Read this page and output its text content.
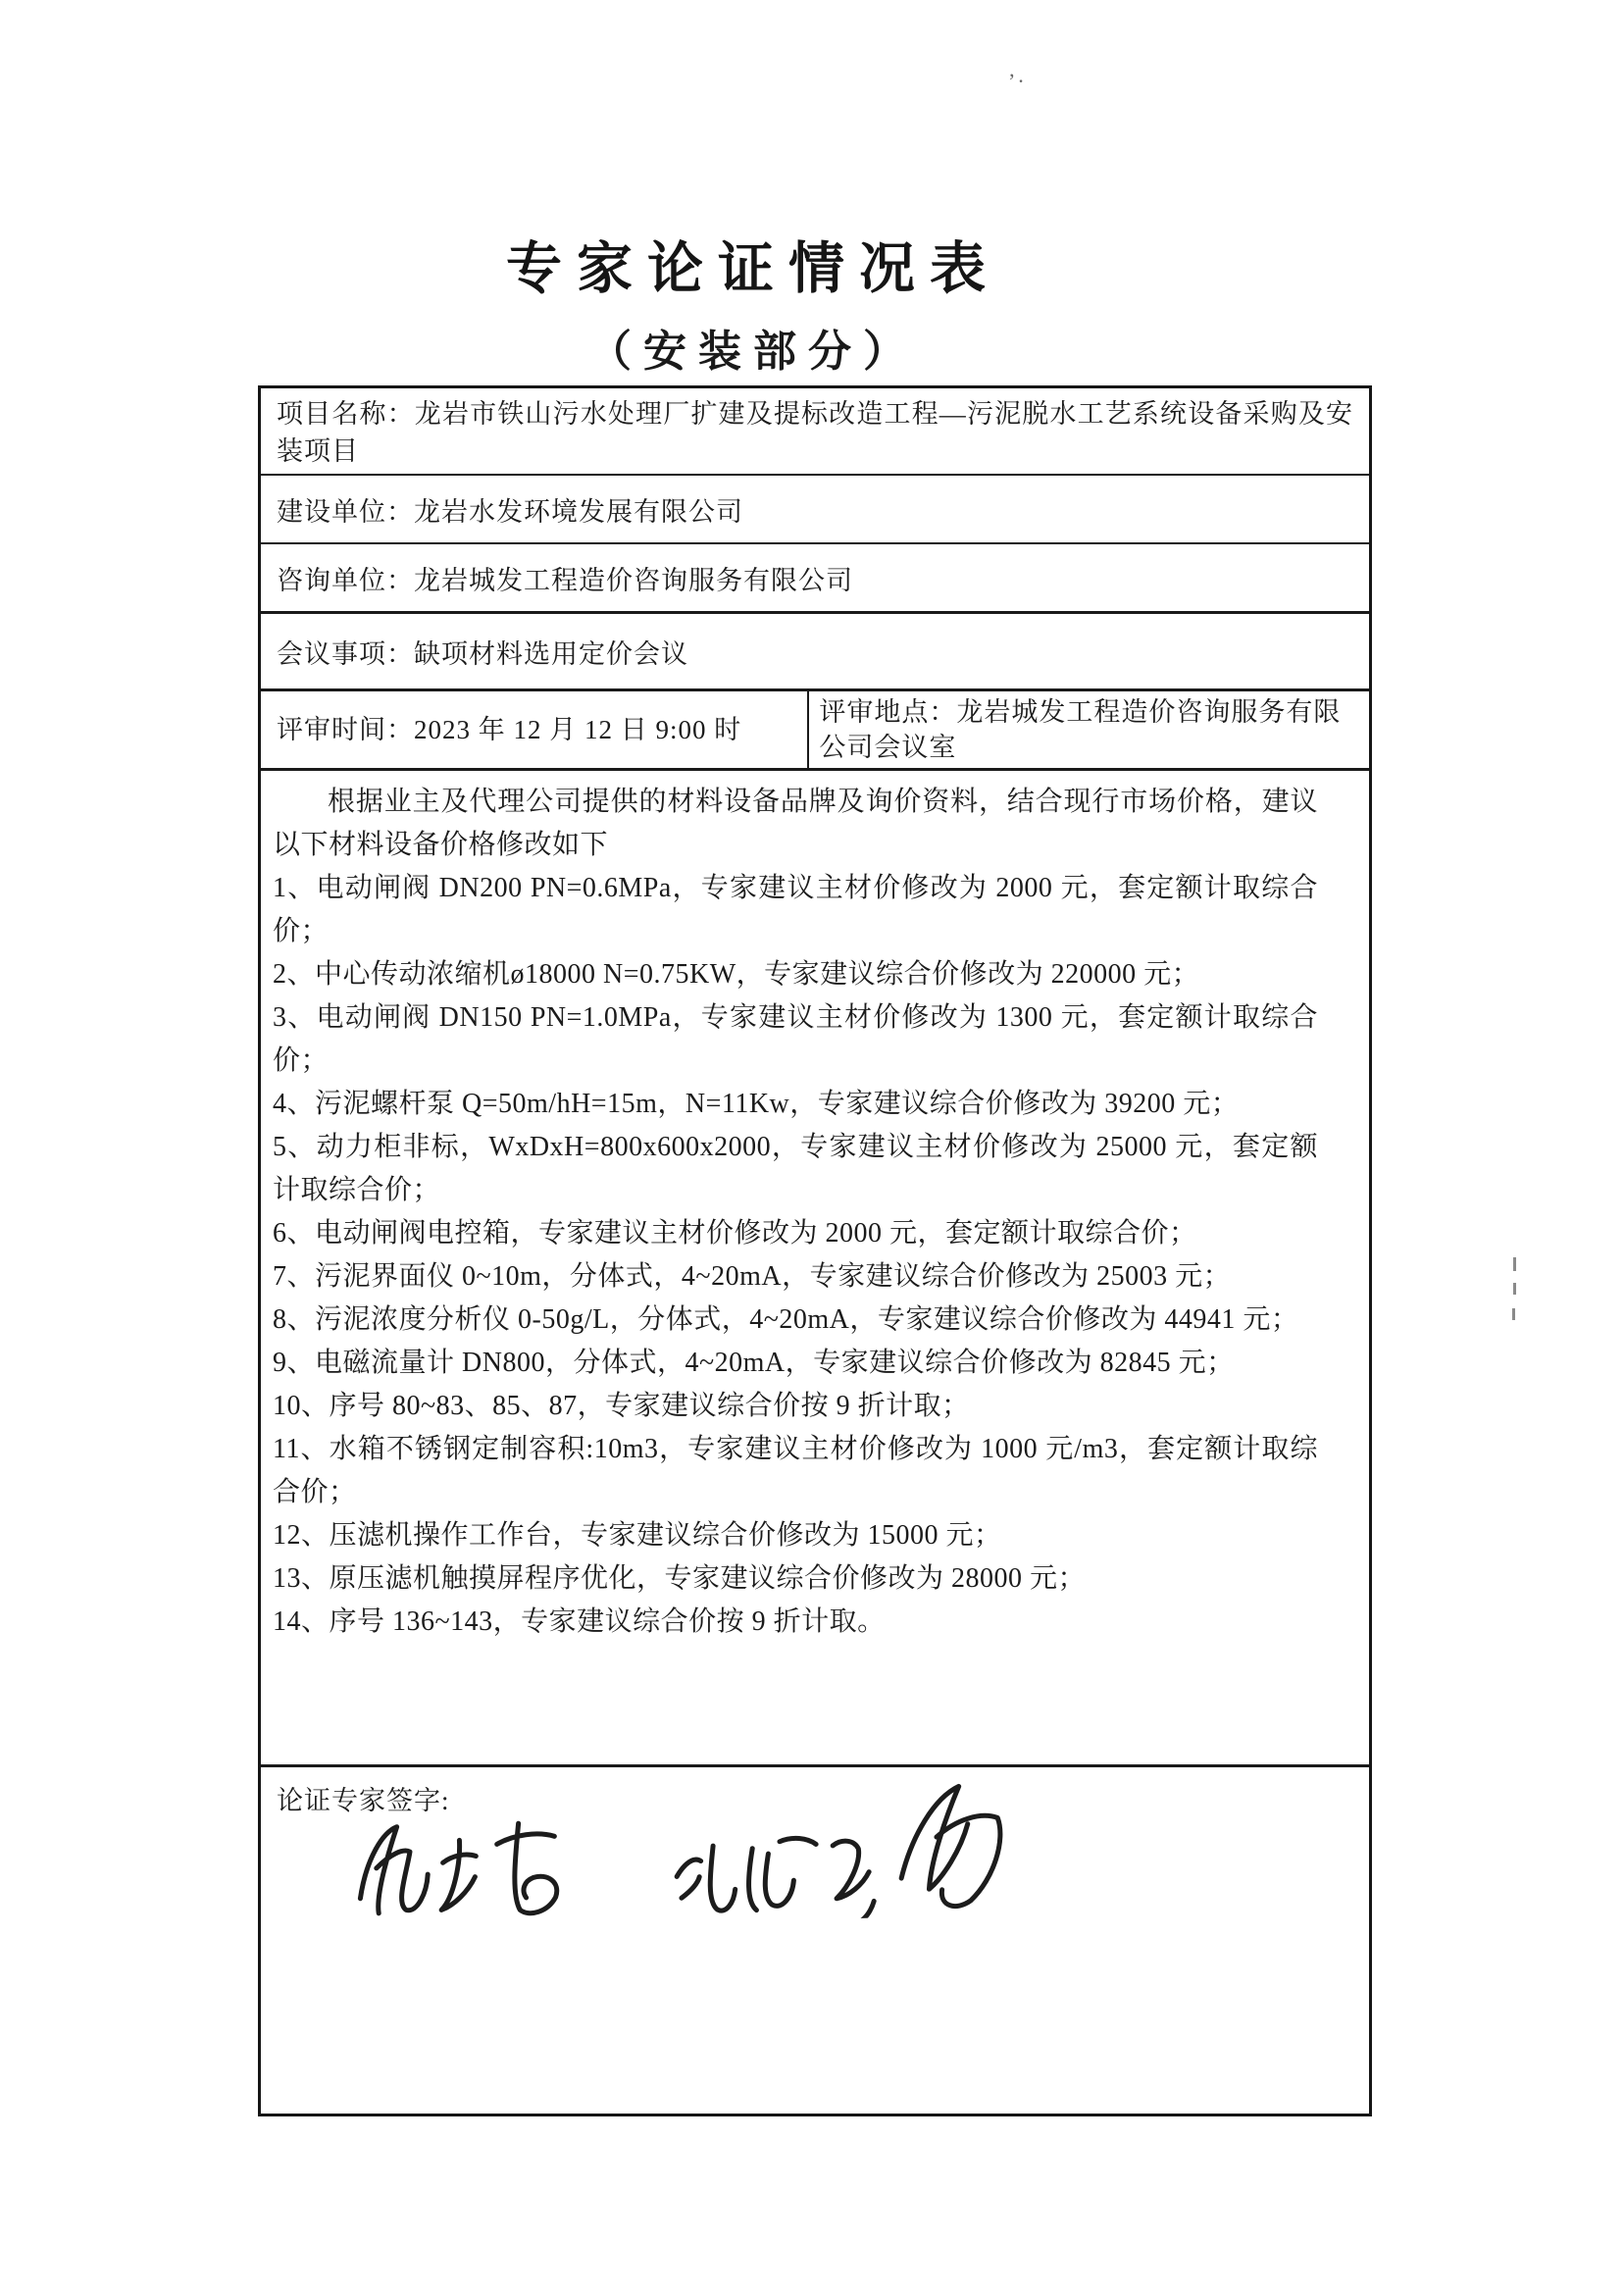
’·
专家论证情况表
（安装部分）

项目名称：龙岩市铁山污水处理厂扩建及提标改造工程—污泥脱水工艺系统设备采购及安装项目

建设单位：龙岩水发环境发展有限公司

咨询单位：龙岩城发工程造价咨询服务有限公司

会议事项：缺项材料选用定价会议

评审时间：2023 年 12 月 12 日 9:00 时

评审地点：龙岩城发工程造价咨询服务有限公司会议室

根据业主及代理公司提供的材料设备品牌及询价资料，结合现行市场价格，建议以下材料设备价格修改如下

1、电动闸阀 DN200 PN=0.6MPa，专家建议主材价修改为 2000 元，套定额计取综合价；

2、中心传动浓缩机ø18000 N=0.75KW，专家建议综合价修改为 220000 元；

3、电动闸阀 DN150 PN=1.0MPa，专家建议主材价修改为 1300 元，套定额计取综合价；

4、污泥螺杆泵 Q=50m/hH=15m，N=11Kw，专家建议综合价修改为 39200 元；

5、动力柜非标，WxDxH=800x600x2000，专家建议主材价修改为 25000 元，套定额计取综合价；

6、电动闸阀电控箱，专家建议主材价修改为 2000 元，套定额计取综合价；

7、污泥界面仪 0~10m，分体式，4~20mA，专家建议综合价修改为 25003 元；

8、污泥浓度分析仪 0-50g/L，分体式，4~20mA，专家建议综合价修改为 44941 元；

9、电磁流量计 DN800，分体式，4~20mA，专家建议综合价修改为 82845 元；

10、序号 80~83、85、87，专家建议综合价按 9 折计取；

11、水箱不锈钢定制容积:10m3，专家建议主材价修改为 1000 元/m3，套定额计取综合价；

12、压滤机操作工作台，专家建议综合价修改为 15000 元；

13、原压滤机触摸屏程序优化，专家建议综合价修改为 28000 元；

14、序号 136~143，专家建议综合价按 9 折计取。

论证专家签字:
